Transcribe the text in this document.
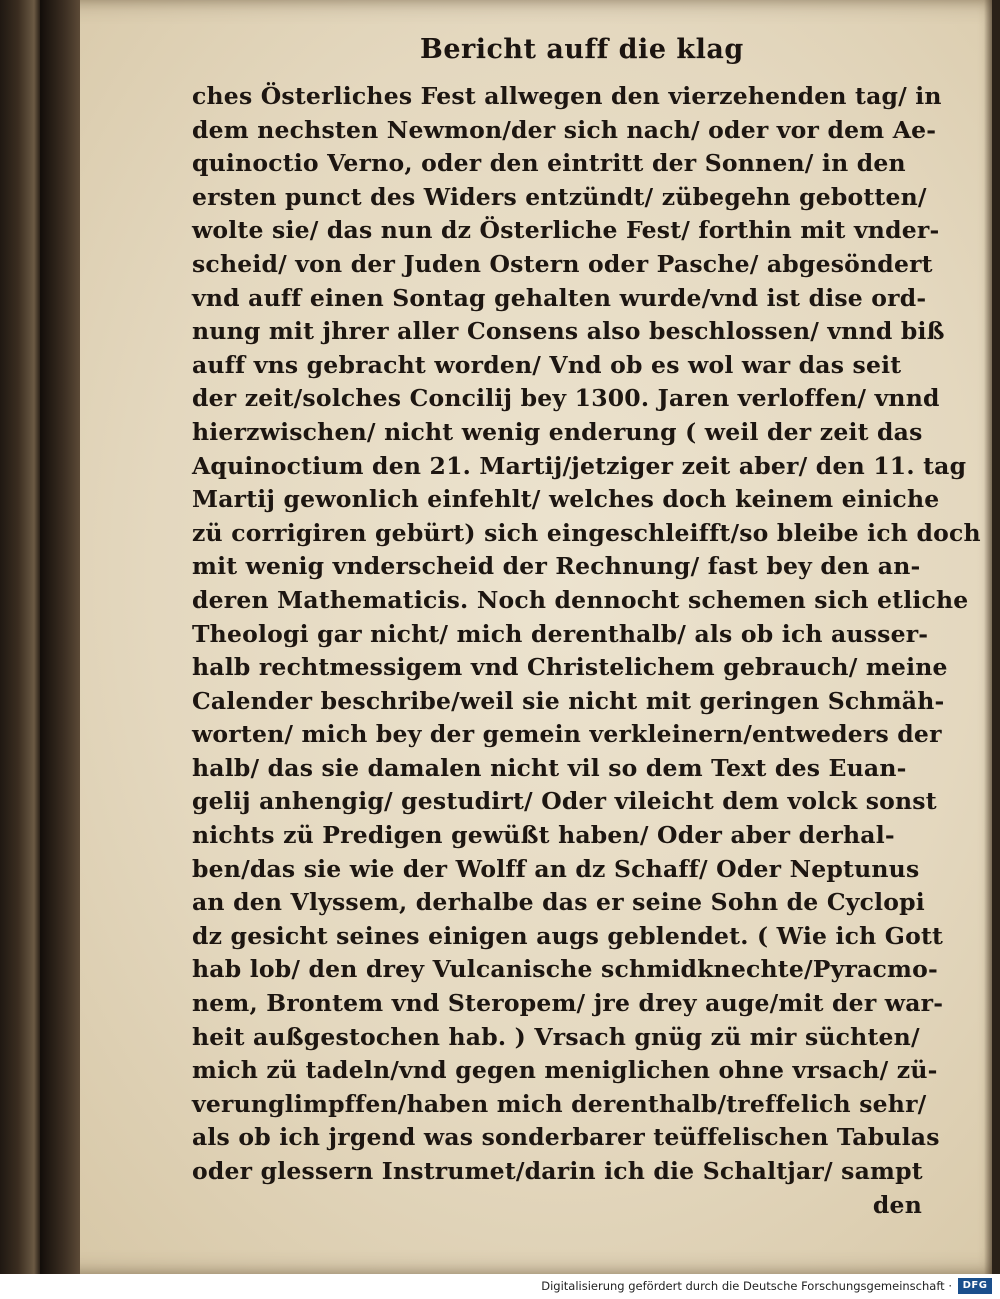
Bericht auff die klag
ches Österliches Fest allwegen den vierzehenden tag/ in
dem nechsten Newmon/der sich nach/ oder vor dem Ae-
quinoctio Verno, oder den eintritt der Sonnen/ in den
ersten punct des Widers entzündt/ zübegehn gebotten/
wolte sie/ das nun dz Österliche Fest/ forthin mit vnder-
scheid/ von der Juden Ostern oder Pasche/ abgesöndert
vnd auff einen Sontag gehalten wurde/vnd ist dise ord-
nung mit jhrer aller Consens also beschlossen/ vnnd biß
auff vns gebracht worden/ Vnd ob es wol war das seit
der zeit/solches Concilij bey 1300. Jaren verloffen/ vnnd
hierzwischen/ nicht wenig enderung ( weil der zeit das
Aquinoctium den 21. Martij/jetziger zeit aber/ den 11. tag
Martij gewonlich einfehlt/ welches doch keinem einiche
zü corrigiren gebürt) sich eingeschleifft/so bleibe ich doch
mit wenig vnderscheid der Rechnung/ fast bey den an-
deren Mathematicis. Noch dennocht schemen sich etliche
Theologi gar nicht/ mich derenthalb/ als ob ich ausser-
halb rechtmessigem vnd Christelichem gebrauch/ meine
Calender beschribe/weil sie nicht mit geringen Schmäh-
worten/ mich bey der gemein verkleinern/entweders der
halb/ das sie damalen nicht vil so dem Text des Euan-
gelij anhengig/ gestudirt/ Oder vileicht dem volck sonst
nichts zü Predigen gewüßt haben/ Oder aber derhal-
ben/das sie wie der Wolff an dz Schaff/ Oder Neptunus
an den Vlyssem, derhalbe das er seine Sohn de Cyclopi
dz gesicht seines einigen augs geblendet. ( Wie ich Gott
hab lob/ den drey Vulcanische schmidknechte/Pyracmo-
nem, Brontem vnd Steropem/ jre drey auge/mit der war-
heit außgestochen hab. ) Vrsach gnüg zü mir süchten/
mich zü tadeln/vnd gegen meniglichen ohne vrsach/ zü-
verunglimpffen/haben mich derenthalb/treffelich sehr/
als ob ich jrgend was sonderbarer teüffelischen Tabulas
oder glessern Instrumet/darin ich die Schaltjar/ sampt
den
Digitalisierung gefördert durch die Deutsche Forschungsgemeinschaft ·	DFG
